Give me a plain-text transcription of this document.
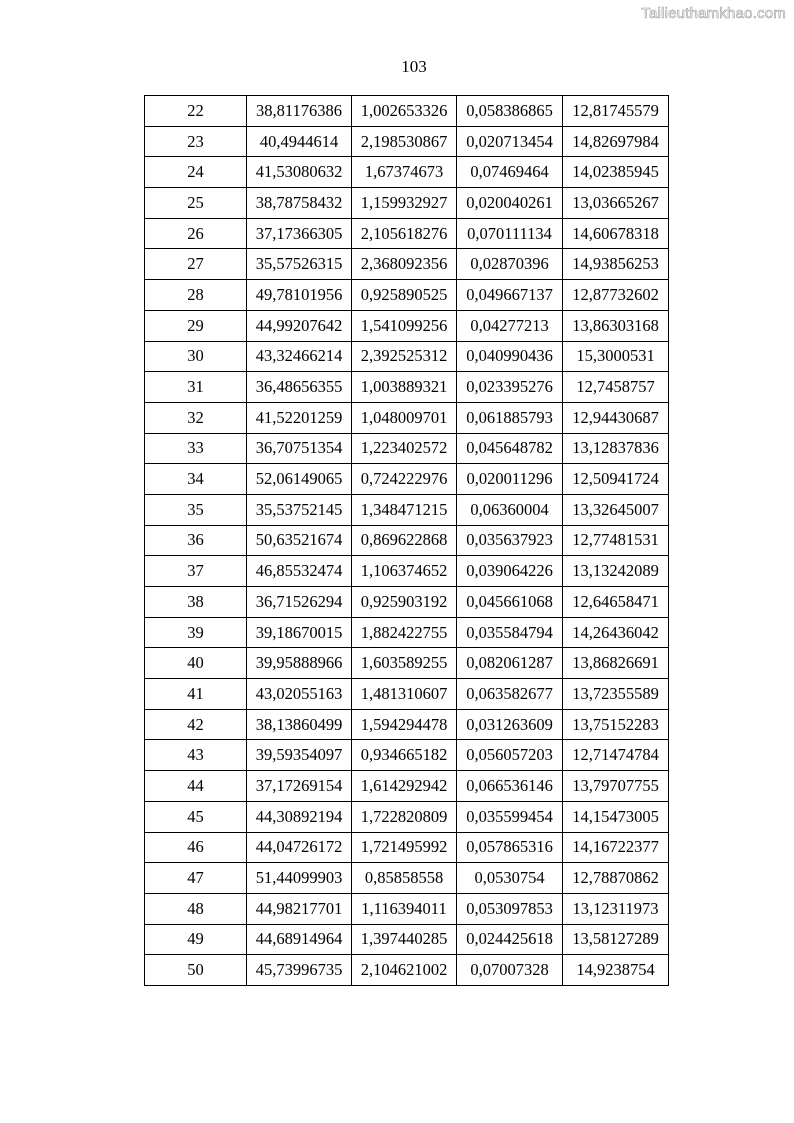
Tailieuthamkhao.com
103
22	38,81176386	1,002653326	0,058386865	12,81745579
23	40,4944614	2,198530867	0,020713454	14,82697984
24	41,53080632	1,67374673	0,07469464	14,02385945
25	38,78758432	1,159932927	0,020040261	13,03665267
26	37,17366305	2,105618276	0,070111134	14,60678318
27	35,57526315	2,368092356	0,02870396	14,93856253
28	49,78101956	0,925890525	0,049667137	12,87732602
29	44,99207642	1,541099256	0,04277213	13,86303168
30	43,32466214	2,392525312	0,040990436	15,3000531
31	36,48656355	1,003889321	0,023395276	12,7458757
32	41,52201259	1,048009701	0,061885793	12,94430687
33	36,70751354	1,223402572	0,045648782	13,12837836
34	52,06149065	0,724222976	0,020011296	12,50941724
35	35,53752145	1,348471215	0,06360004	13,32645007
36	50,63521674	0,869622868	0,035637923	12,77481531
37	46,85532474	1,106374652	0,039064226	13,13242089
38	36,71526294	0,925903192	0,045661068	12,64658471
39	39,18670015	1,882422755	0,035584794	14,26436042
40	39,95888966	1,603589255	0,082061287	13,86826691
41	43,02055163	1,481310607	0,063582677	13,72355589
42	38,13860499	1,594294478	0,031263609	13,75152283
43	39,59354097	0,934665182	0,056057203	12,71474784
44	37,17269154	1,614292942	0,066536146	13,79707755
45	44,30892194	1,722820809	0,035599454	14,15473005
46	44,04726172	1,721495992	0,057865316	14,16722377
47	51,44099903	0,85858558	0,0530754	12,78870862
48	44,98217701	1,116394011	0,053097853	13,12311973
49	44,68914964	1,397440285	0,024425618	13,58127289
50	45,73996735	2,104621002	0,07007328	14,9238754
